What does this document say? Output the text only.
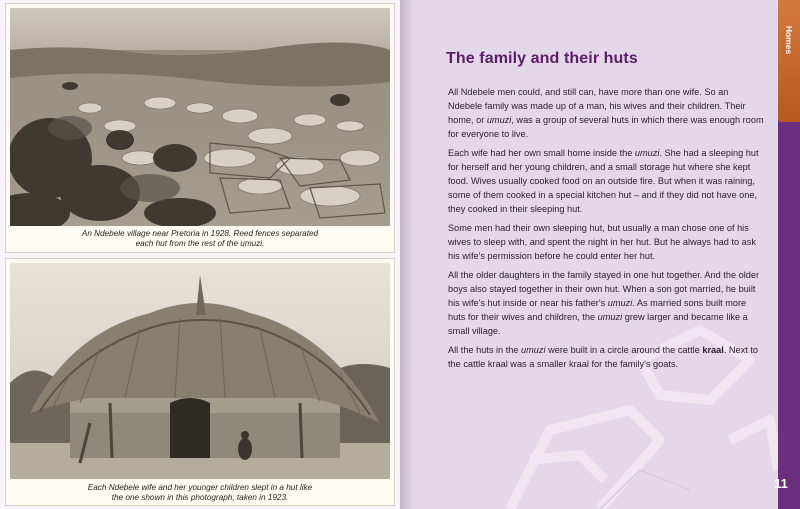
An Ndebele village near Pretoria in 1928. Reed fences separated
each hut from the rest of the umuzi.
Each Ndebele wife and her younger children slept in a hut like
the one shown in this photograph, taken in 1923.
The family and their huts

All Ndebele men could, and still can, have more than one wife. So an Ndebele family was made up of a man, his wives and their children. Their home, or umuzi, was a group of several huts in which there was enough room for everyone to live.

Each wife had her own small home inside the umuzi. She had a sleeping hut for herself and her young children, and a small storage hut where she kept food. Wives usually cooked food on an outside fire. But when it was raining, some of them cooked in a special kitchen hut – and if they did not have one, they cooked in their sleeping hut.

Some men had their own sleeping hut, but usually a man chose one of his wives to sleep with, and spent the night in her hut. But he always had to ask his wife's permission before he could enter her hut.

All the older daughters in the family stayed in one hut together. And the older boys also stayed together in their own hut. When a son got married, he built his wife's hut inside or near his father's umuzi. As married sons built more huts for their wives and children, the umuzi grew larger and became like a small village.

All the huts in the umuzi were built in a circle around the cattle kraal. Next to the cattle kraal was a smaller kraal for the family's goats.

Homes
11
